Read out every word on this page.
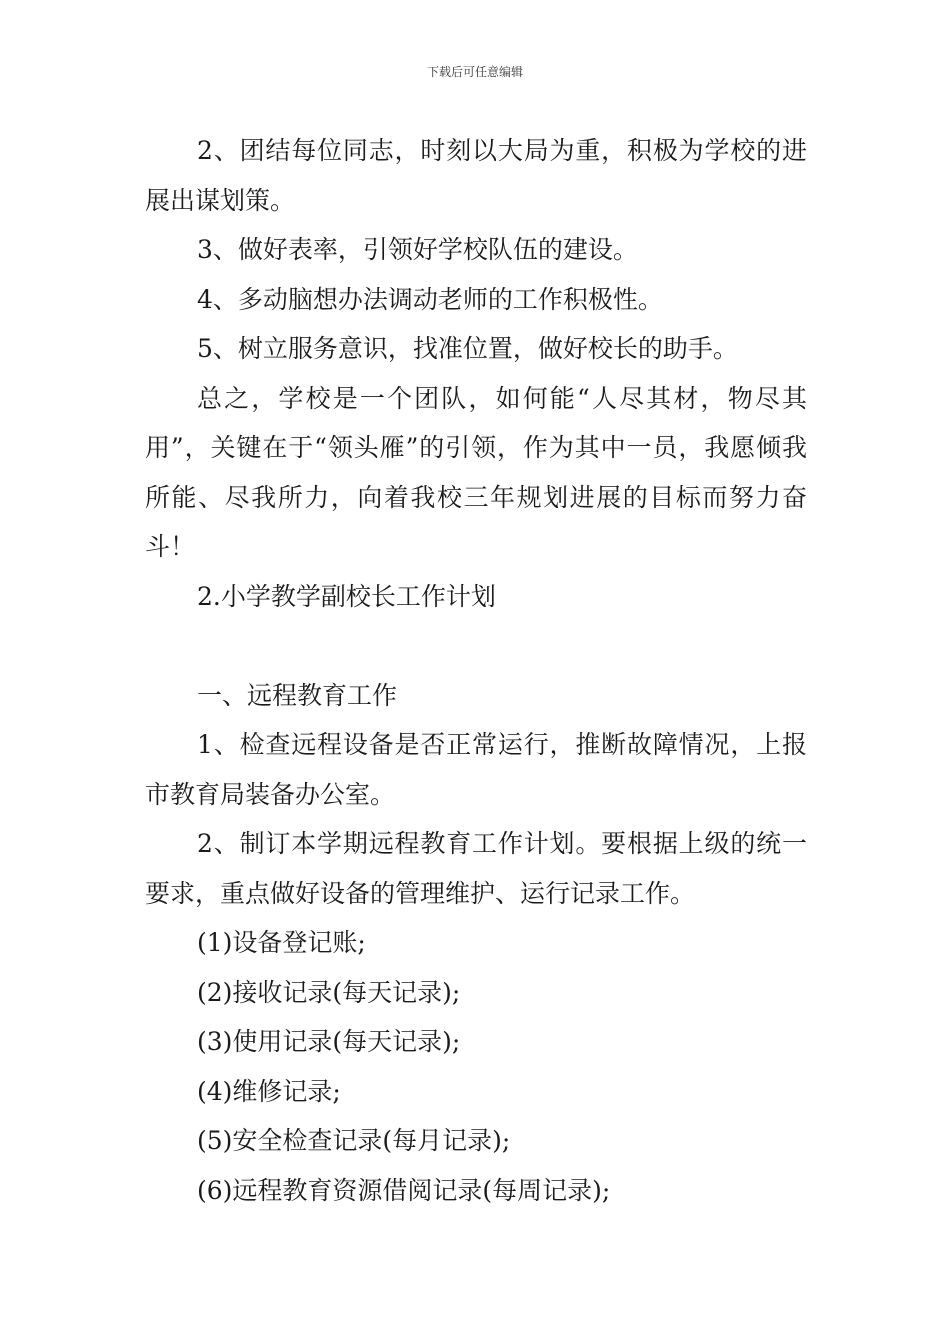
下载后可任意编辑

2、团结每位同志，时刻以大局为重，积极为学校的进展出谋划策。

3、做好表率，引领好学校队伍的建设。

4、多动脑想办法调动老师的工作积极性。

5、树立服务意识，找准位置，做好校长的助手。

总之，学校是一个团队，如何能“人尽其材，物尽其用”，关键在于“领头雁”的引领，作为其中一员，我愿倾我所能、尽我所力，向着我校三年规划进展的目标而努力奋斗！

2.小学教学副校长工作计划

一、远程教育工作

1、检查远程设备是否正常运行，推断故障情况，上报市教育局装备办公室。

2、制订本学期远程教育工作计划。要根据上级的统一要求，重点做好设备的管理维护、运行记录工作。

(1)设备登记账;

(2)接收记录(每天记录);

(3)使用记录(每天记录);

(4)维修记录;

(5)安全检查记录(每月记录);

(6)远程教育资源借阅记录(每周记录);
